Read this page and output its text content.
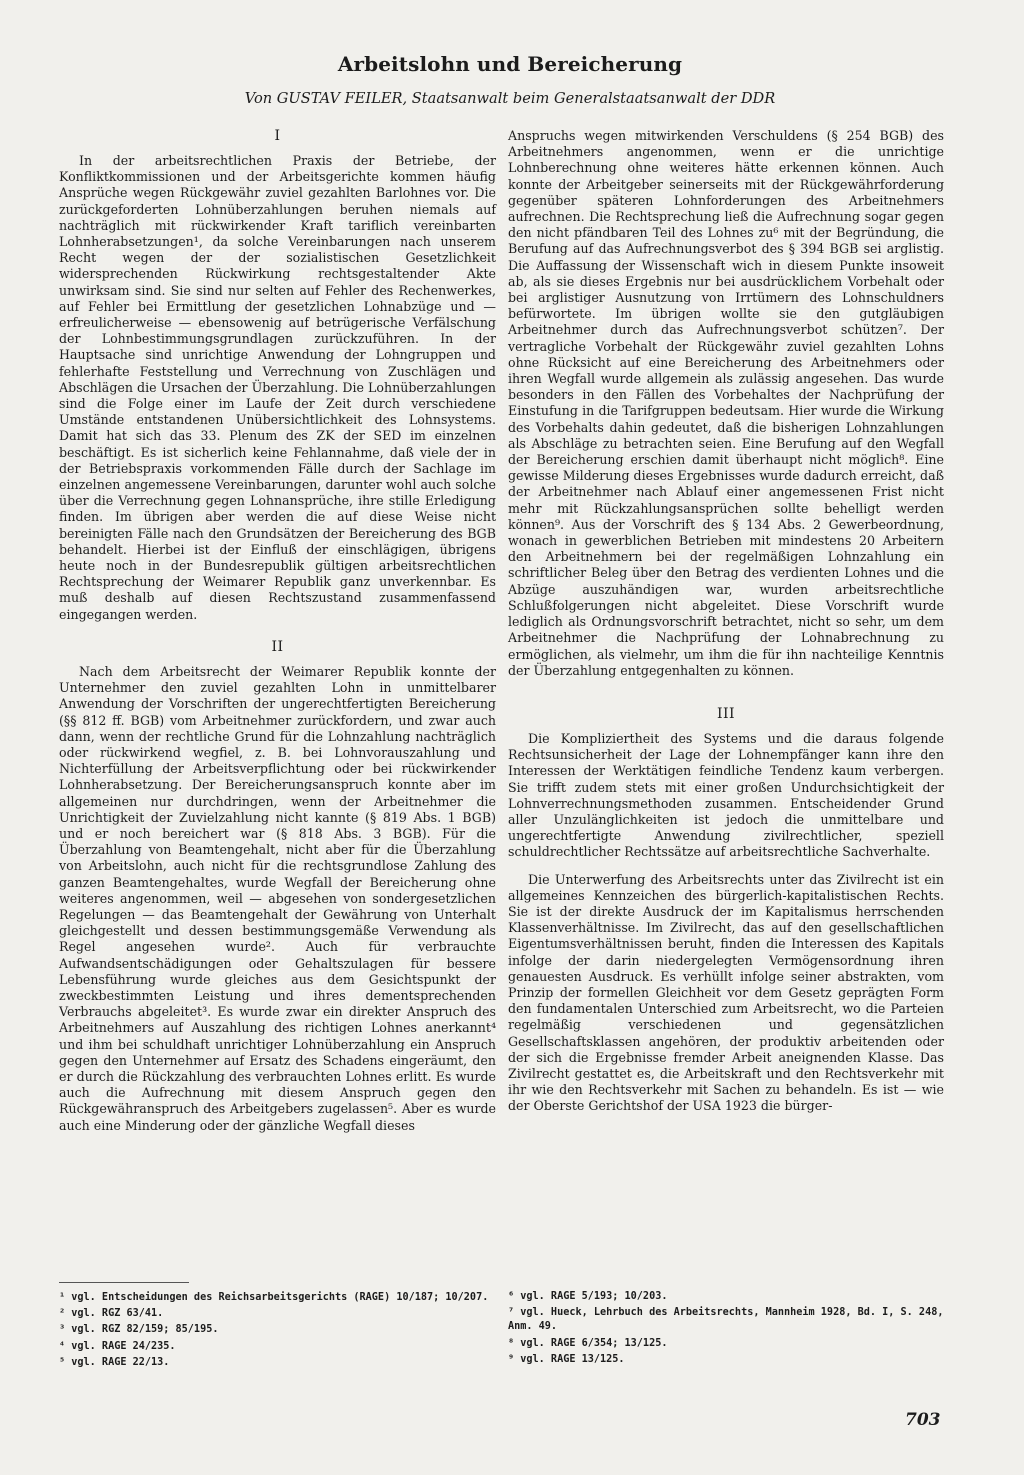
Arbeitslohn und Bereicherung
Von GUSTAV FEILER, Staatsanwalt beim Generalstaatsanwalt der DDR
I

In der arbeitsrechtlichen Praxis der Betriebe, der Konfliktkommissionen und der Arbeitsgerichte kommen häufig Ansprüche wegen Rückgewähr zuviel gezahlten Barlohnes vor. Die zurückgeforderten Lohnüberzahlungen beruhen niemals auf nachträglich mit rückwirkender Kraft tariflich vereinbarten Lohnherabsetzungen¹, da solche Vereinbarungen nach unserem Recht wegen der der sozialistischen Gesetzlichkeit widersprechenden Rückwirkung rechtsgestaltender Akte unwirksam sind. Sie sind nur selten auf Fehler des Rechenwerkes, auf Fehler bei Ermittlung der gesetzlichen Lohnabzüge und — erfreulicherweise — ebensowenig auf betrügerische Verfälschung der Lohnbestimmungsgrundlagen zurückzuführen. In der Hauptsache sind unrichtige Anwendung der Lohngruppen und fehlerhafte Feststellung und Verrechnung von Zuschlägen und Abschlägen die Ursachen der Überzahlung. Die Lohnüberzahlungen sind die Folge einer im Laufe der Zeit durch verschiedene Umstände entstandenen Unübersichtlichkeit des Lohnsystems. Damit hat sich das 33. Plenum des ZK der SED im einzelnen beschäftigt. Es ist sicherlich keine Fehlannahme, daß viele der in der Betriebspraxis vorkommenden Fälle durch der Sachlage im einzelnen angemessene Vereinbarungen, darunter wohl auch solche über die Verrechnung gegen Lohnansprüche, ihre stille Erledigung finden. Im übrigen aber werden die auf diese Weise nicht bereinigten Fälle nach den Grundsätzen der Bereicherung des BGB behandelt. Hierbei ist der Einfluß der einschlägigen, übrigens heute noch in der Bundesrepublik gültigen arbeitsrechtlichen Rechtsprechung der Weimarer Republik ganz unverkennbar. Es muß deshalb auf diesen Rechtszustand zusammenfassend eingegangen werden.

II

Nach dem Arbeitsrecht der Weimarer Republik konnte der Unternehmer den zuviel gezahlten Lohn in unmittelbarer Anwendung der Vorschriften der ungerechtfertigten Bereicherung (§§ 812 ff. BGB) vom Arbeitnehmer zurückfordern, und zwar auch dann, wenn der rechtliche Grund für die Lohnzahlung nachträglich oder rückwirkend wegfiel, z. B. bei Lohnvorauszahlung und Nichterfüllung der Arbeitsverpflichtung oder bei rückwirkender Lohnherabsetzung. Der Bereicherungsanspruch konnte aber im allgemeinen nur durchdringen, wenn der Arbeitnehmer die Unrichtigkeit der Zuvielzahlung nicht kannte (§ 819 Abs. 1 BGB) und er noch bereichert war (§ 818 Abs. 3 BGB). Für die Überzahlung von Beamtengehalt, nicht aber für die Überzahlung von Arbeitslohn, auch nicht für die rechtsgrundlose Zahlung des ganzen Beamtengehaltes, wurde Wegfall der Bereicherung ohne weiteres angenommen, weil — abgesehen von sondergesetzlichen Regelungen — das Beamtengehalt der Gewährung von Unterhalt gleichgestellt und dessen bestimmungsgemäße Verwendung als Regel angesehen wurde². Auch für verbrauchte Aufwandsentschädigungen oder Gehaltszulagen für bessere Lebensführung wurde gleiches aus dem Gesichtspunkt der zweckbestimmten Leistung und ihres dementsprechenden Verbrauchs abgeleitet³. Es wurde zwar ein direkter Anspruch des Arbeitnehmers auf Auszahlung des richtigen Lohnes anerkannt⁴ und ihm bei schuldhaft unrichtiger Lohnüberzahlung ein Anspruch gegen den Unternehmer auf Ersatz des Schadens eingeräumt, den er durch die Rückzahlung des verbrauchten Lohnes erlitt. Es wurde auch die Aufrechnung mit diesem Anspruch gegen den Rückgewähranspruch des Arbeitgebers zugelassen⁵. Aber es wurde auch eine Minderung oder der gänzliche Wegfall dieses

Anspruchs wegen mitwirkenden Verschuldens (§ 254 BGB) des Arbeitnehmers angenommen, wenn er die unrichtige Lohnberechnung ohne weiteres hätte erkennen können. Auch konnte der Arbeitgeber seinerseits mit der Rückgewährforderung gegenüber späteren Lohnforderungen des Arbeitnehmers aufrechnen. Die Rechtsprechung ließ die Aufrechnung sogar gegen den nicht pfändbaren Teil des Lohnes zu⁶ mit der Begründung, die Berufung auf das Aufrechnungsverbot des § 394 BGB sei arglistig. Die Auffassung der Wissenschaft wich in diesem Punkte insoweit ab, als sie dieses Ergebnis nur bei ausdrücklichem Vorbehalt oder bei arglistiger Ausnutzung von Irrtümern des Lohnschuldners befürwortete. Im übrigen wollte sie den gutgläubigen Arbeitnehmer durch das Aufrechnungsverbot schützen⁷. Der vertragliche Vorbehalt der Rückgewähr zuviel gezahlten Lohns ohne Rücksicht auf eine Bereicherung des Arbeitnehmers oder ihren Wegfall wurde allgemein als zulässig angesehen. Das wurde besonders in den Fällen des Vorbehaltes der Nachprüfung der Einstufung in die Tarifgruppen bedeutsam. Hier wurde die Wirkung des Vorbehalts dahin gedeutet, daß die bisherigen Lohnzahlungen als Abschläge zu betrachten seien. Eine Berufung auf den Wegfall der Bereicherung erschien damit überhaupt nicht möglich⁸. Eine gewisse Milderung dieses Ergebnisses wurde dadurch erreicht, daß der Arbeitnehmer nach Ablauf einer angemessenen Frist nicht mehr mit Rückzahlungsansprüchen sollte behelligt werden können⁹. Aus der Vorschrift des § 134 Abs. 2 Gewerbeordnung, wonach in gewerblichen Betrieben mit mindestens 20 Arbeitern den Arbeitnehmern bei der regelmäßigen Lohnzahlung ein schriftlicher Beleg über den Betrag des verdienten Lohnes und die Abzüge auszuhändigen war, wurden arbeitsrechtliche Schlußfolgerungen nicht abgeleitet. Diese Vorschrift wurde lediglich als Ordnungsvorschrift betrachtet, nicht so sehr, um dem Arbeitnehmer die Nachprüfung der Lohnabrechnung zu ermöglichen, als vielmehr, um ihm die für ihn nachteilige Kenntnis der Überzahlung entgegenhalten zu können.

III

Die Kompliziertheit des Systems und die daraus folgende Rechtsunsicherheit der Lage der Lohnempfänger kann ihre den Interessen der Werktätigen feindliche Tendenz kaum verbergen. Sie trifft zudem stets mit einer großen Undurchsichtigkeit der Lohnverrechnungsmethoden zusammen. Entscheidender Grund aller Unzulänglichkeiten ist jedoch die unmittelbare und ungerechtfertigte Anwendung zivilrechtlicher, speziell schuldrechtlicher Rechtssätze auf arbeitsrechtliche Sachverhalte.

Die Unterwerfung des Arbeitsrechts unter das Zivilrecht ist ein allgemeines Kennzeichen des bürgerlich-kapitalistischen Rechts. Sie ist der direkte Ausdruck der im Kapitalismus herrschenden Klassenverhältnisse. Im Zivilrecht, das auf den gesellschaftlichen Eigentumsverhältnissen beruht, finden die Interessen des Kapitals infolge der darin niedergelegten Vermögensordnung ihren genauesten Ausdruck. Es verhüllt infolge seiner abstrakten, vom Prinzip der formellen Gleichheit vor dem Gesetz geprägten Form den fundamentalen Unterschied zum Arbeitsrecht, wo die Parteien regelmäßig verschiedenen und gegensätzlichen Gesellschaftsklassen angehören, der produktiv arbeitenden oder der sich die Ergebnisse fremder Arbeit aneignenden Klasse. Das Zivilrecht gestattet es, die Arbeitskraft und den Rechtsverkehr mit ihr wie den Rechtsverkehr mit Sachen zu behandeln. Es ist — wie der Oberste Gerichtshof der USA 1923 die bürger-

¹ vgl. Entscheidungen des Reichsarbeitsgerichts (RAGE) 10/187; 10/207.

² vgl. RGZ 63/41.

³ vgl. RGZ 82/159; 85/195.

⁴ vgl. RAGE 24/235.

⁵ vgl. RAGE 22/13.

⁶ vgl. RAGE 5/193; 10/203.

⁷ vgl. Hueck, Lehrbuch des Arbeitsrechts, Mannheim 1928, Bd. I, S. 248, Anm. 49.

⁸ vgl. RAGE 6/354; 13/125.

⁹ vgl. RAGE 13/125.

703
